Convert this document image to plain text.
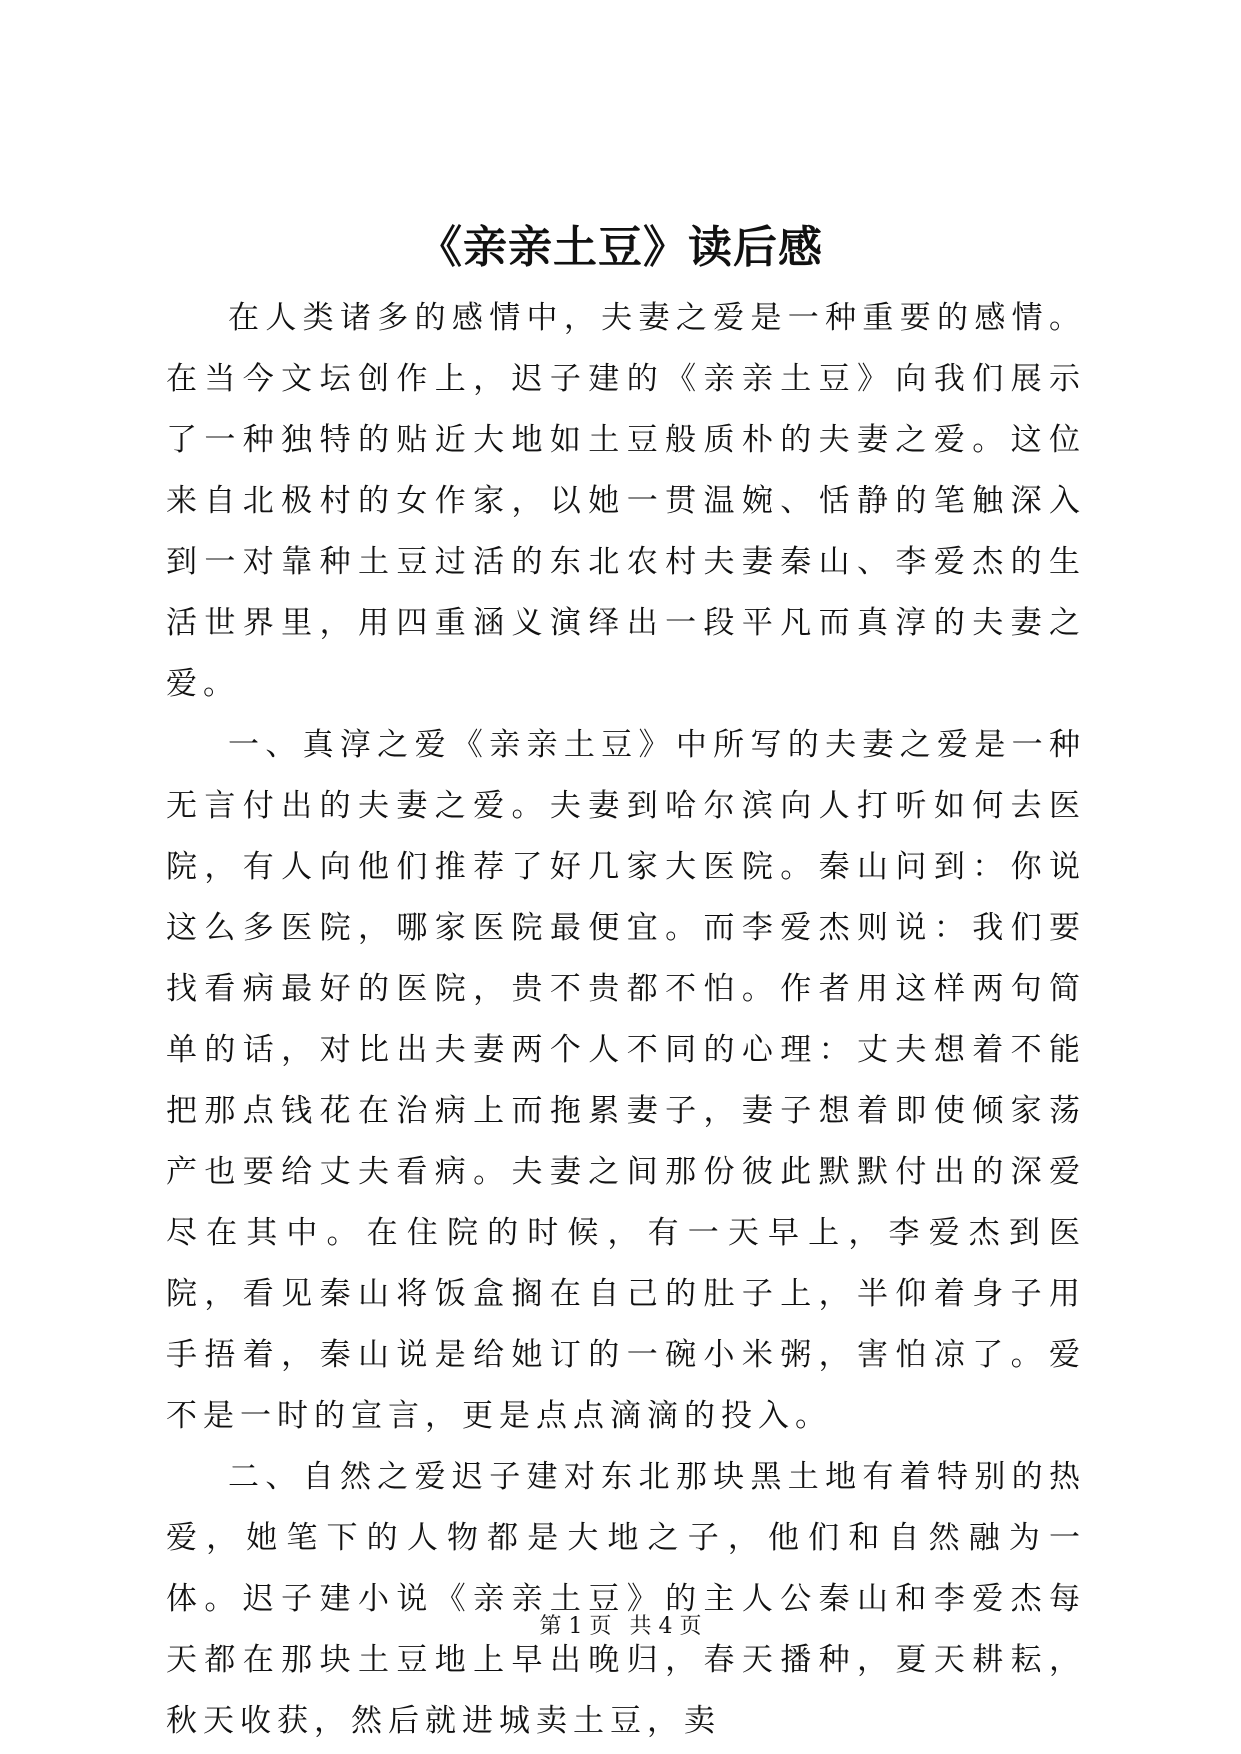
《亲亲土豆》读后感

在人类诸多的感情中，夫妻之爱是一种重要的感情。在当今文坛创作上，迟子建的《亲亲土豆》向我们展示了一种独特的贴近大地如土豆般质朴的夫妻之爱。这位来自北极村的女作家，以她一贯温婉、恬静的笔触深入到一对靠种土豆过活的东北农村夫妻秦山、李爱杰的生活世界里，用四重涵义演绎出一段平凡而真淳的夫妻之爱。

一、真淳之爱《亲亲土豆》中所写的夫妻之爱是一种无言付出的夫妻之爱。夫妻到哈尔滨向人打听如何去医院，有人向他们推荐了好几家大医院。秦山问到：你说这么多医院，哪家医院最便宜。而李爱杰则说：我们要找看病最好的医院，贵不贵都不怕。作者用这样两句简单的话，对比出夫妻两个人不同的心理：丈夫想着不能把那点钱花在治病上而拖累妻子，妻子想着即使倾家荡产也要给丈夫看病。夫妻之间那份彼此默默付出的深爱尽在其中。在住院的时候，有一天早上，李爱杰到医院，看见秦山将饭盒搁在自己的肚子上，半仰着身子用手捂着，秦山说是给她订的一碗小米粥，害怕凉了。爱不是一时的宣言，更是点点滴滴的投入。

二、自然之爱迟子建对东北那块黑土地有着特别的热爱，她笔下的人物都是大地之子，他们和自然融为一体。迟子建小说《亲亲土豆》的主人公秦山和李爱杰每天都在那块土豆地上早出晚归，春天播种，夏天耕耘，秋天收获，然后就进城卖土豆，卖

第 1 页 共 4 页
